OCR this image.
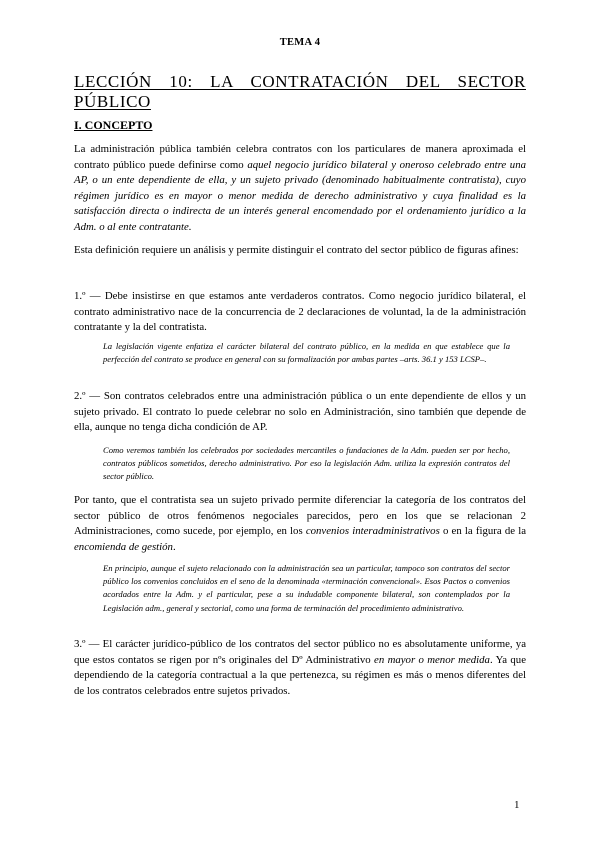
TEMA 4
LECCIÓN 10: LA CONTRATACIÓN DEL SECTOR PÚBLICO
I. CONCEPTO

La administración pública también celebra contratos con los particulares de manera aproximada el contrato público puede definirse como aquel negocio jurídico bilateral y oneroso celebrado entre una AP, o un ente dependiente de ella, y un sujeto privado (denominado habitualmente contratista), cuyo régimen jurídico es en mayor o menor medida de derecho administrativo y cuya finalidad es la satisfacción directa o indirecta de un interés general encomendado por el ordenamiento jurídico a la Adm. o al ente contratante.

Esta definición requiere un análisis y permite distinguir el contrato del sector público de figuras afines:

1.º — Debe insistirse en que estamos ante verdaderos contratos. Como negocio jurídico bilateral, el contrato administrativo nace de la concurrencia de 2 declaraciones de voluntad, la de la administración contratante y la del contratista.

La legislación vigente enfatiza el carácter bilateral del contrato público, en la medida en que establece que la perfección del contrato se produce en general con su formalización por ambas partes –arts. 36.1 y 153 LCSP–.

2.º — Son contratos celebrados entre una administración pública o un ente dependiente de ellos y un sujeto privado. El contrato lo puede celebrar no solo en Administración, sino también que depende de ella, aunque no tenga dicha condición de AP.

Como veremos también los celebrados por sociedades mercantiles o fundaciones de la Adm. pueden ser por hecho, contratos públicos sometidos, derecho administrativo. Por eso la legislación Adm. utiliza la expresión contratos del sector público.

Por tanto, que el contratista sea un sujeto privado permite diferenciar la categoría de los contratos del sector público de otros fenómenos negociales parecidos, pero en los que se relacionan 2 Administraciones, como sucede, por ejemplo, en los convenios interadministrativos o en la figura de la encomienda de gestión.

En principio, aunque el sujeto relacionado con la administración sea un particular, tampoco son contratos del sector público los convenios concluidos en el seno de la denominada «terminación convencional». Esos Pactos o convenios acordados entre la Adm. y el particular, pese a su indudable componente bilateral, son contemplados por la Legislación adm., general y sectorial, como una forma de terminación del procedimiento administrativo.

3.º — El carácter jurídico-público de los contratos del sector público no es absolutamente uniforme, ya que estos contatos se rigen por nºs originales del Dº Administrativo en mayor o menor medida. Ya que dependiendo de la categoría contractual a la que pertenezca, su régimen es más o menos diferentes del de los contratos celebrados entre sujetos privados.

1
